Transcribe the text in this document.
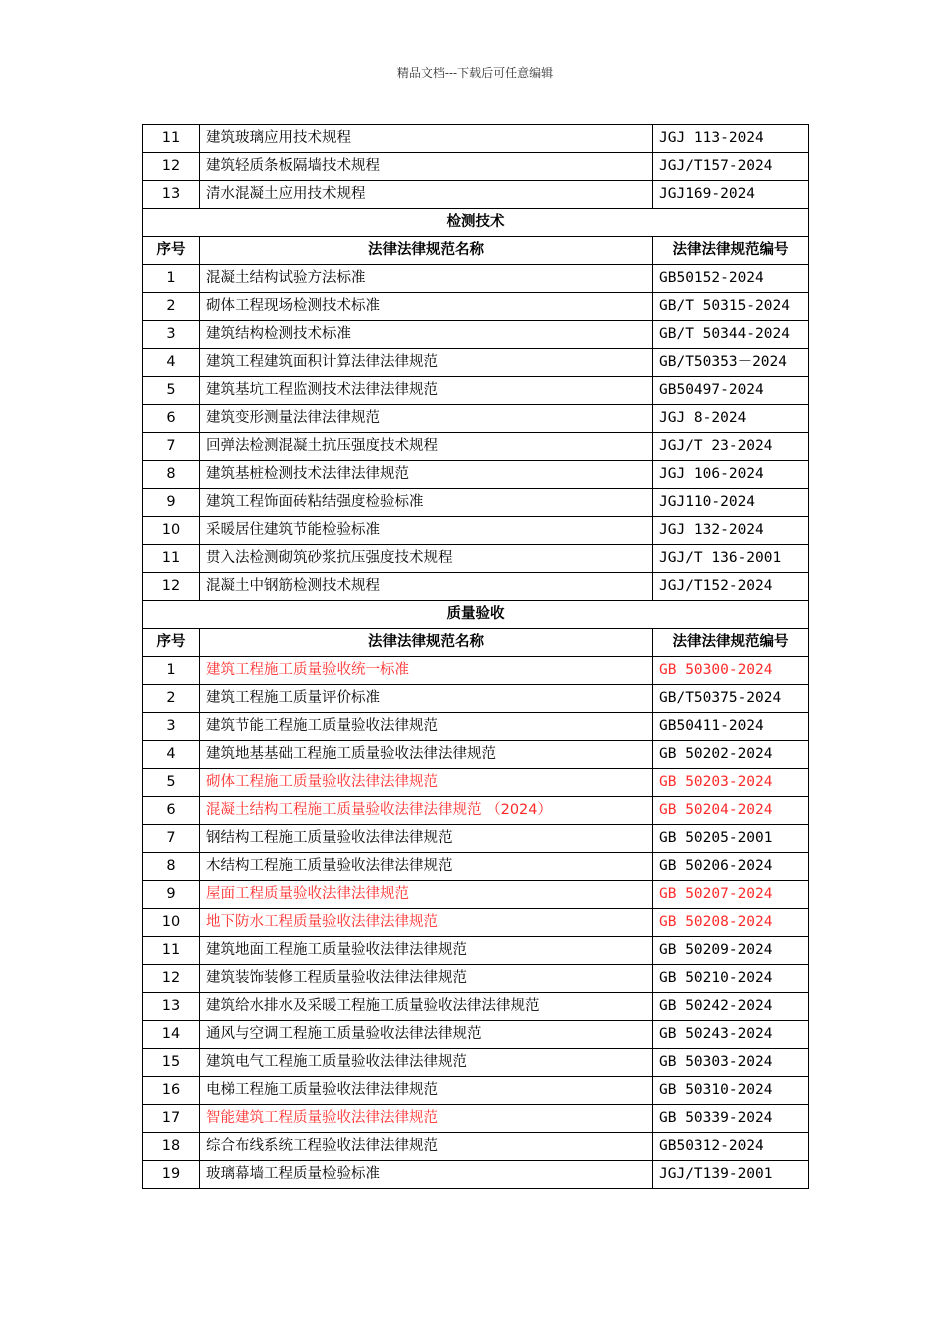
精品文档---下载后可任意编辑
11	建筑玻璃应用技术规程	JGJ 113-2024
12	建筑轻质条板隔墙技术规程	JGJ/T157-2024
13	清水混凝土应用技术规程	JGJ169-2024
检测技术		
序号	法律法律规范名称	法律法律规范编号
1	混凝土结构试验方法标准	GB50152-2024
2	砌体工程现场检测技术标准	GB/T 50315-2024
3	建筑结构检测技术标准	GB/T 50344-2024
4	建筑工程建筑面积计算法律法律规范	GB/T50353－2024
5	建筑基坑工程监测技术法律法律规范	GB50497-2024
6	建筑变形测量法律法律规范	JGJ 8-2024
7	回弹法检测混凝土抗压强度技术规程	JGJ/T 23-2024
8	建筑基桩检测技术法律法律规范	JGJ 106-2024
9	建筑工程饰面砖粘结强度检验标准	JGJ110-2024
10	采暖居住建筑节能检验标准	JGJ 132-2024
11	贯入法检测砌筑砂浆抗压强度技术规程	JGJ/T 136-2001
12	混凝土中钢筋检测技术规程	JGJ/T152-2024
质量验收		
序号	法律法律规范名称	法律法律规范编号
1	建筑工程施工质量验收统一标准	GB 50300-2024
2	建筑工程施工质量评价标准	GB/T50375-2024
3	建筑节能工程施工质量验收法律规范	GB50411-2024
4	建筑地基基础工程施工质量验收法律法律规范	GB 50202-2024
5	砌体工程施工质量验收法律法律规范	GB 50203-2024
6	混凝土结构工程施工质量验收法律法律规范 （2024）	GB 50204-2024
7	钢结构工程施工质量验收法律法律规范	GB 50205-2001
8	木结构工程施工质量验收法律法律规范	GB 50206-2024
9	屋面工程质量验收法律法律规范	GB 50207-2024
10	地下防水工程质量验收法律法律规范	GB 50208-2024
11	建筑地面工程施工质量验收法律法律规范	GB 50209-2024
12	建筑装饰装修工程质量验收法律法律规范	GB 50210-2024
13	建筑给水排水及采暖工程施工质量验收法律法律规范	GB 50242-2024
14	通风与空调工程施工质量验收法律法律规范	GB 50243-2024
15	建筑电气工程施工质量验收法律法律规范	GB 50303-2024
16	电梯工程施工质量验收法律法律规范	GB 50310-2024
17	智能建筑工程质量验收法律法律规范	GB 50339-2024
18	综合布线系统工程验收法律法律规范	GB50312-2024
19	玻璃幕墙工程质量检验标准	JGJ/T139-2001
